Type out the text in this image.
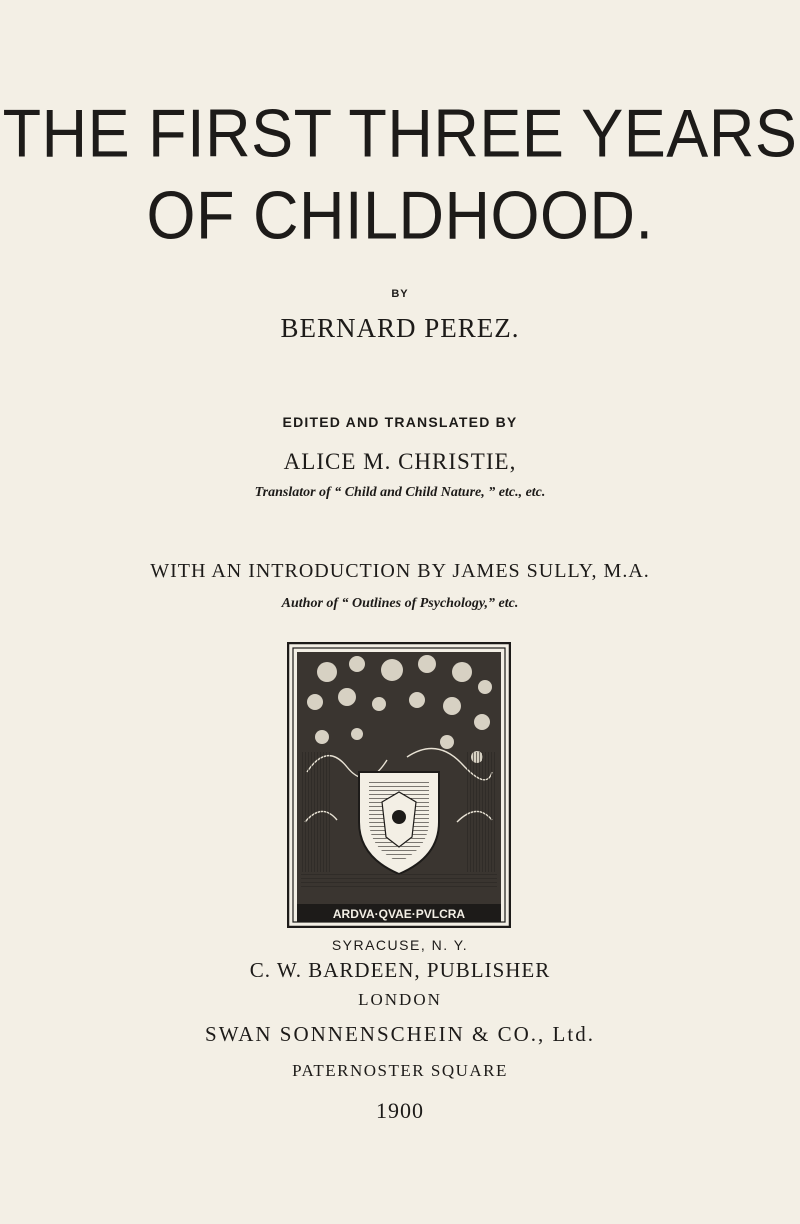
THE FIRST THREE YEARS
OF CHILDHOOD.
BY
BERNARD PEREZ.
EDITED AND TRANSLATED BY
ALICE M. CHRISTIE,
Translator of “ Child and Child Nature, ” etc., etc.
WITH AN INTRODUCTION BY JAMES SULLY, M.A.
Author of “ Outlines of Psychology,” etc.
ARDVA·QVAE·PVLCRA
SYRACUSE, N. Y.
C. W. BARDEEN, PUBLISHER
LONDON
SWAN SONNENSCHEIN & CO., Ltd.
PATERNOSTER SQUARE
1900
